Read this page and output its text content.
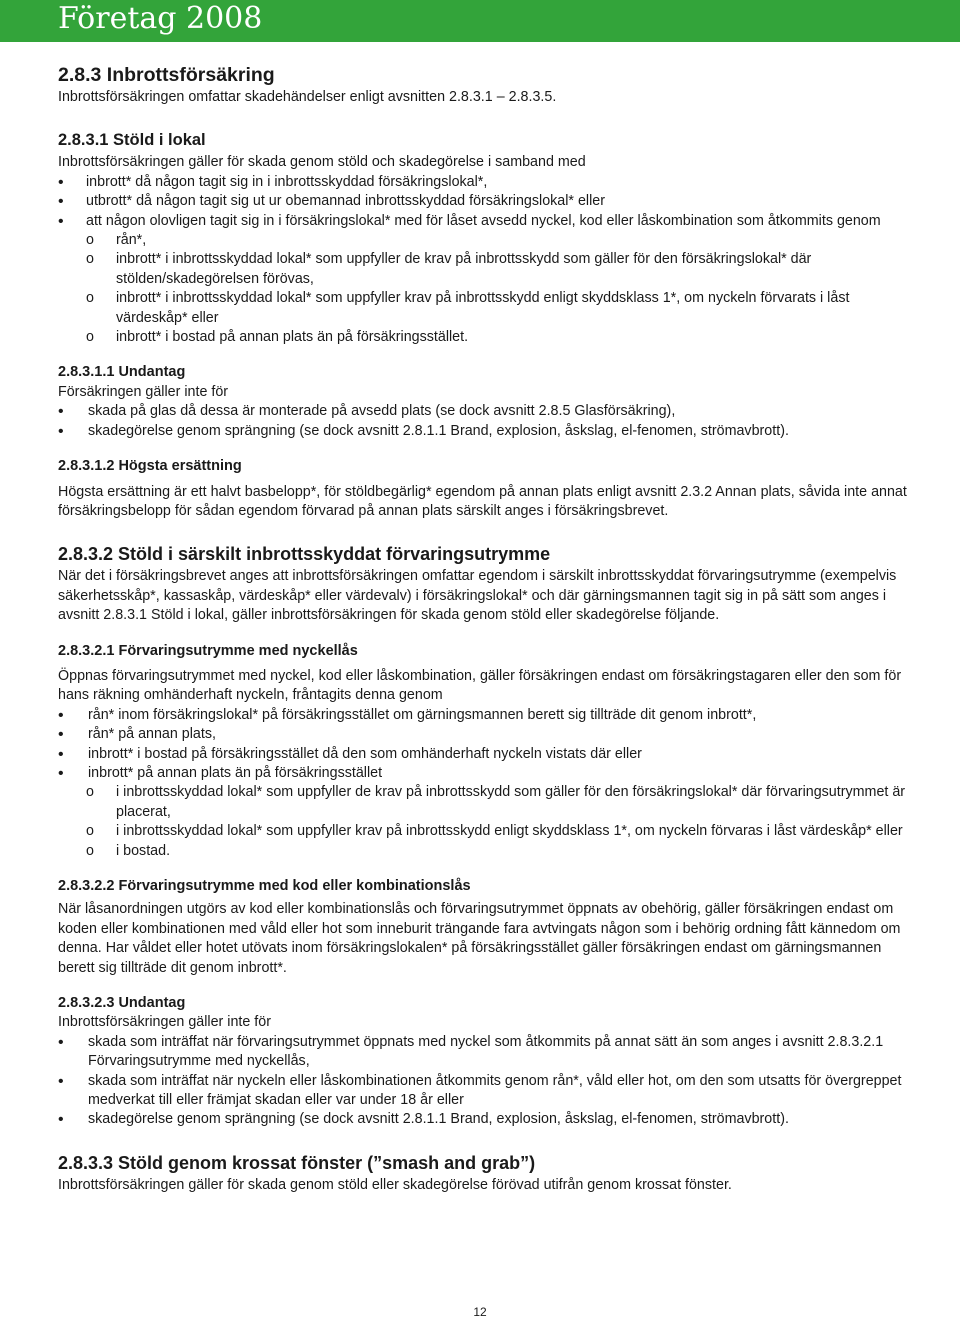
Företag 2008

2.8.3 Inbrottsförsäkring

Inbrottsförsäkringen omfattar skadehändelser enligt avsnitten 2.8.3.1 – 2.8.3.5.

2.8.3.1 Stöld i lokal

Inbrottsförsäkringen gäller för skada genom stöld och skadegörelse i samband med

• inbrott* då någon tagit sig in i inbrottsskyddad försäkringslokal*,
• utbrott* då någon tagit sig ut ur obemannad inbrottsskyddad försäkringslokal* eller
• att någon olovligen tagit sig in i försäkringslokal* med för låset avsedd nyckel, kod eller låskombination som åtkommits genom
o rån*,
o inbrott* i inbrottsskyddad lokal* som uppfyller de krav på inbrottsskydd som gäller för den försäkringslokal* där stölden/skadegörelsen förövas,
o inbrott* i inbrottsskyddad lokal* som uppfyller krav på inbrottsskydd enligt skyddsklass 1*, om nyckeln förvarats i låst värdeskåp* eller
o inbrott* i bostad på annan plats än på försäkringsstället.

2.8.3.1.1 Undantag

Försäkringen gäller inte för

• skada på glas då dessa är monterade på avsedd plats (se dock avsnitt 2.8.5 Glasförsäkring),
• skadegörelse genom sprängning (se dock avsnitt 2.8.1.1 Brand, explosion, åskslag, el-fenomen, strömavbrott).

2.8.3.1.2 Högsta ersättning

Högsta ersättning är ett halvt basbelopp*, för stöldbegärlig* egendom på annan plats enligt avsnitt 2.3.2 Annan plats, såvida inte annat försäkringsbelopp för sådan egendom förvarad på annan plats särskilt anges i försäkringsbrevet.

2.8.3.2 Stöld i särskilt inbrottsskyddat förvaringsutrymme

När det i försäkringsbrevet anges att inbrottsförsäkringen omfattar egendom i särskilt inbrottsskyddat förvaringsutrymme (exempelvis säkerhetsskåp*, kassaskåp, värdeskåp* eller värdevalv) i försäkringslokal* och där gärningsmannen tagit sig in på sätt som anges i avsnitt 2.8.3.1 Stöld i lokal, gäller inbrottsförsäkringen för skada genom stöld eller skadegörelse följande.

2.8.3.2.1 Förvaringsutrymme med nyckellås

Öppnas förvaringsutrymmet med nyckel, kod eller låskombination, gäller försäkringen endast om försäkringstagaren eller den som för hans räkning omhänderhaft nyckeln, fråntagits denna genom

• rån* inom försäkringslokal* på försäkringsstället om gärningsmannen berett sig tillträde dit genom inbrott*,
• rån* på annan plats,
• inbrott* i bostad på försäkringsstället då den som omhänderhaft nyckeln vistats där eller
• inbrott* på annan plats än på försäkringsstället
o i inbrottsskyddad lokal* som uppfyller de krav på inbrottsskydd som gäller för den försäkringslokal* där förvaringsutrymmet är placerat,
o i inbrottsskyddad lokal* som uppfyller krav på inbrottsskydd enligt skyddsklass 1*, om nyckeln förvaras i låst värdeskåp* eller
o i bostad.

2.8.3.2.2 Förvaringsutrymme med kod eller kombinationslås

När låsanordningen utgörs av kod eller kombinationslås och förvaringsutrymmet öppnats av obehörig, gäller försäkringen endast om koden eller kombinationen med våld eller hot som inneburit trängande fara avtvingats någon som i behörig ordning fått kännedom om denna. Har våldet eller hotet utövats inom försäkringslokalen* på försäkringsstället gäller försäkringen endast om gärningsmannen berett sig tillträde dit genom inbrott*.

2.8.3.2.3 Undantag

Inbrottsförsäkringen gäller inte för

• skada som inträffat när förvaringsutrymmet öppnats med nyckel som åtkommits på annat sätt än som anges i avsnitt 2.8.3.2.1 Förvaringsutrymme med nyckellås,
• skada som inträffat när nyckeln eller låskombinationen åtkommits genom rån*, våld eller hot, om den som utsatts för övergreppet medverkat till eller främjat skadan eller var under 18 år eller
• skadegörelse genom sprängning (se dock avsnitt 2.8.1.1 Brand, explosion, åskslag, el-fenomen, strömavbrott).

2.8.3.3 Stöld genom krossat fönster (”smash and grab”)

Inbrottsförsäkringen gäller för skada genom stöld eller skadegörelse förövad utifrån genom krossat fönster.

12
